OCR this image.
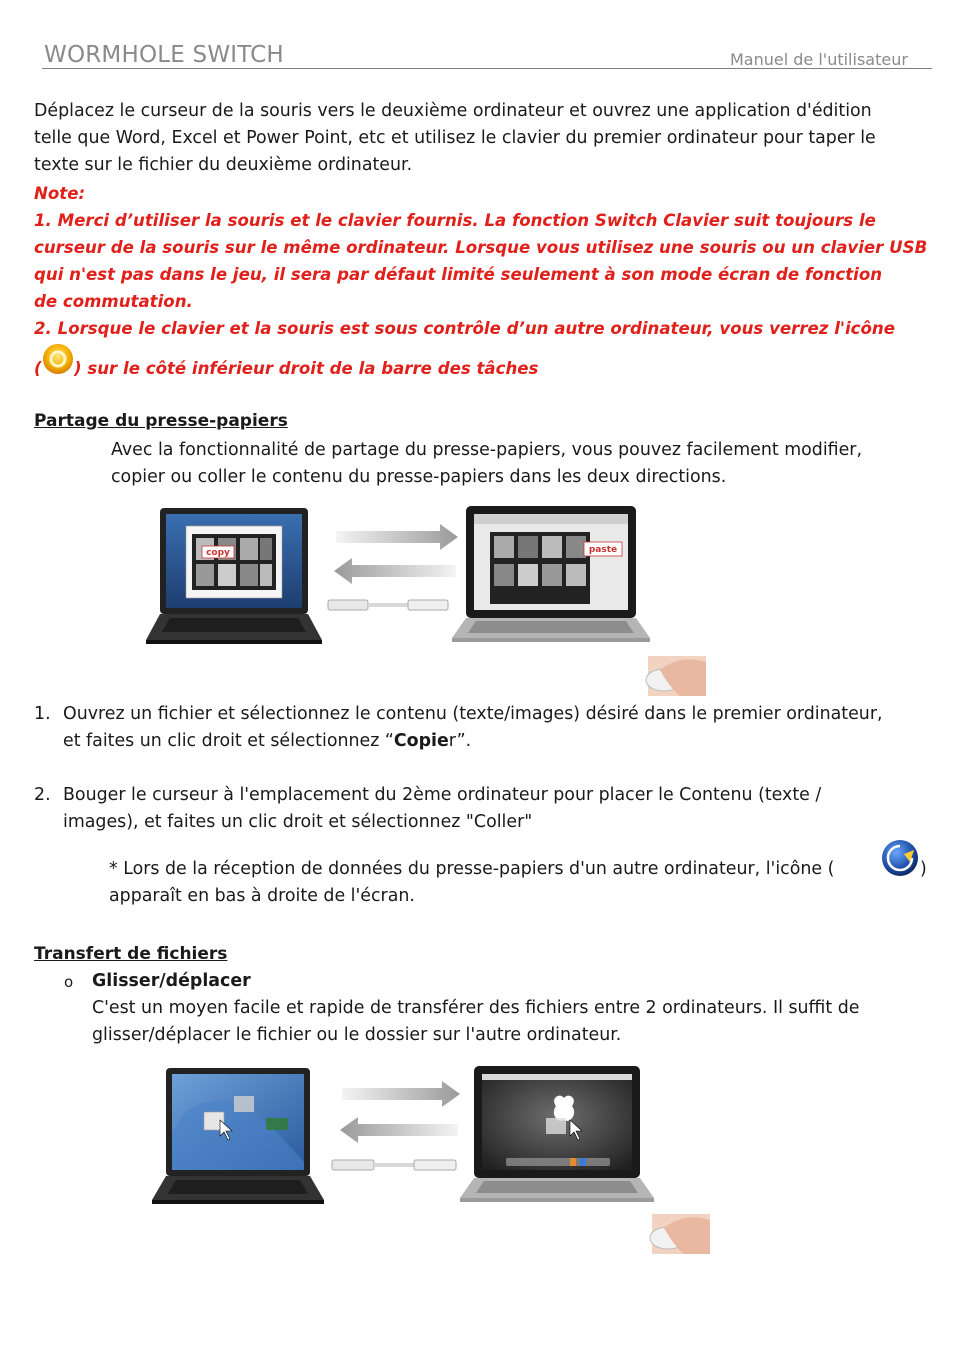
WORMHOLE SWITCH	Manuel de l'utilisateur
Déplacez le curseur de la souris vers le deuxième ordinateur et ouvrez une application d'édition
telle que Word, Excel et Power Point, etc et utilisez le clavier du premier ordinateur pour taper le
texte sur le fichier du deuxième ordinateur.
Note:
1. Merci d’utiliser la souris et le clavier fournis. La fonction Switch Clavier suit toujours le
curseur de la souris sur le même ordinateur. Lorsque vous utilisez une souris ou un clavier USB
qui n'est pas dans le jeu, il sera par défaut limité seulement à son mode écran de fonction
de commutation.
2. Lorsque le clavier et la souris est sous contrôle d’un autre ordinateur, vous verrez l'icône
( ) sur le côté inférieur droit de la barre des tâches
Partage du presse-papiers
Avec la fonctionnalité de partage du presse-papiers, vous pouvez facilement modifier,
copier ou coller le contenu du presse-papiers dans les deux directions.
copy	paste
1. Ouvrez un fichier et sélectionnez le contenu (texte/images) désiré dans le premier ordinateur,
et faites un clic droit et sélectionnez “Copier”.
2. Bouger le curseur à l'emplacement du 2ème ordinateur pour placer le Contenu (texte /
images), et faites un clic droit et sélectionnez "Coller"
* Lors de la réception de données du presse-papiers d'un autre ordinateur, l'icône (	)
apparaît en bas à droite de l'écran.
Transfert de fichiers
o Glisser/déplacer
C'est un moyen facile et rapide de transférer des fichiers entre 2 ordinateurs. Il suffit de
glisser/déplacer le fichier ou le dossier sur l'autre ordinateur.
